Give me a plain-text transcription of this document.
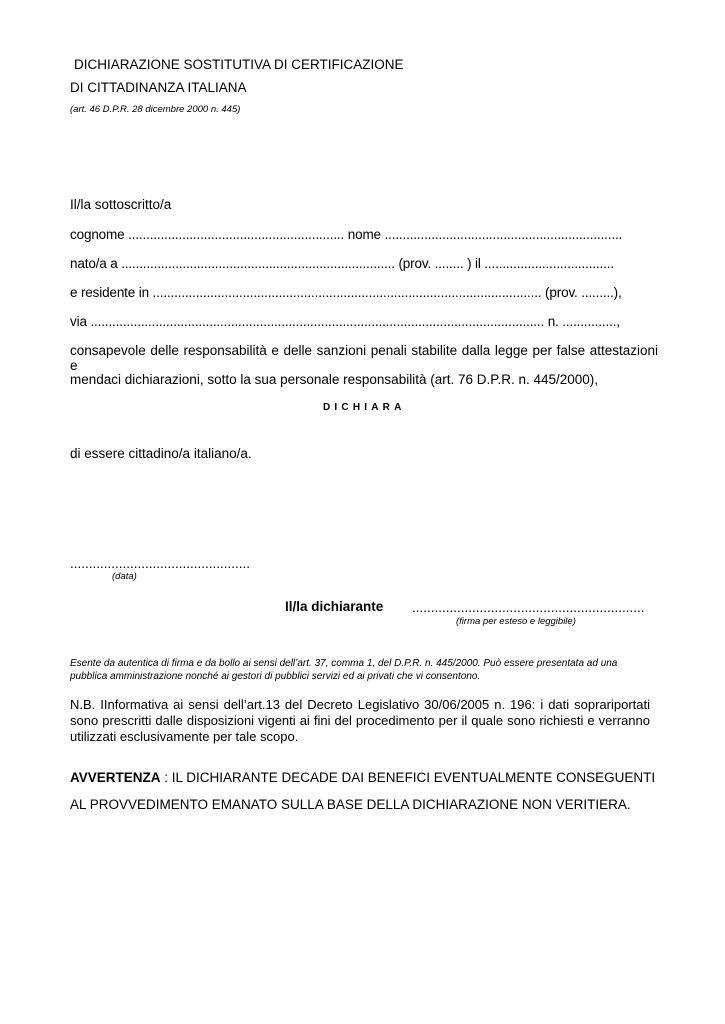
DICHIARAZIONE SOSTITUTIVA DI CERTIFICAZIONE
DI CITTADINANZA ITALIANA
(art. 46 D.P.R. 28 dicembre 2000 n. 445)
Il/la sottoscritto/a
cognome ............................................................ nome ..................................................................
nato/a a ............................................................................ (prov. ........ ) il ....................................
e residente in ............................................................................................................ (prov. .........),
via .............................................................................................................................. n. ...............,
consapevole delle responsabilità e delle sanzioni penali stabilite dalla legge per false attestazioni e
mendaci dichiarazioni, sotto la sua personale responsabilità (art. 76 D.P.R. n. 445/2000),
DICHIARA
di essere cittadino/a italiano/a.
................................................
(data)
Il/la dichiarante ..............................................................
(firma per esteso e leggibile)
Esente da autentica di firma e da bollo ai sensi dell’art. 37, comma 1, del D.P.R. n. 445/2000. Può essere presentata ad una pubblica amministrazione nonché ai gestori di pubblici servizi ed ai privati che vi consentono.
N.B. IInformativa ai sensi dell’art.13 del Decreto Legislativo 30/06/2005 n. 196: i dati soprariportati sono prescritti dalle disposizioni vigenti ai fini del procedimento per il quale sono richiesti e verranno utilizzati esclusivamente per tale scopo.
AVVERTENZA : IL DICHIARANTE DECADE DAI BENEFICI EVENTUALMENTE CONSEGUENTI
AL PROVVEDIMENTO EMANATO SULLA BASE DELLA DICHIARAZIONE NON VERITIERA.
